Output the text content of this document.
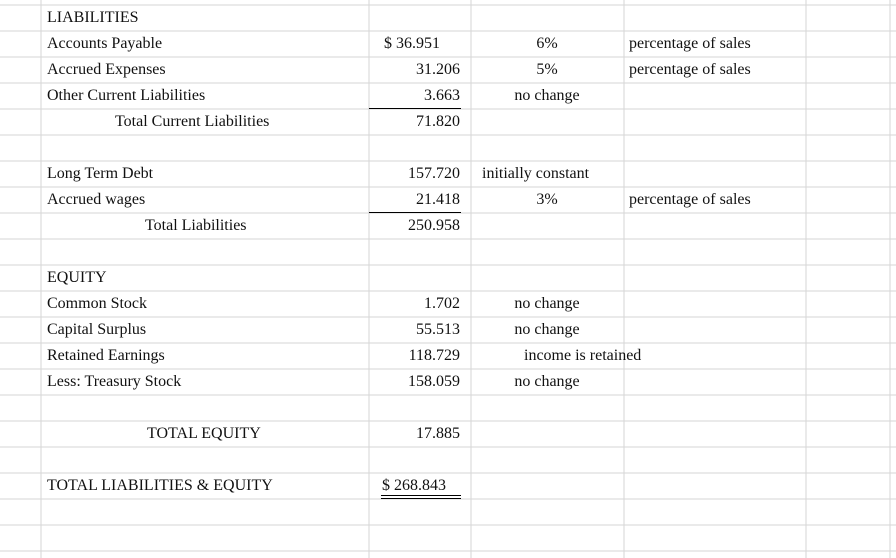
LIABILITIES
Accounts Payable	$ 36.951	6%	percentage of sales
Accrued Expenses	31.206	5%	percentage of sales
Other Current Liabilities	3.663	no change
Total Current Liabilities	71.820
Long Term Debt	157.720 initially constant
Accrued wages	21.418	3%	percentage of sales
Total Liabilities	250.958
EQUITY
Common Stock	1.702	no change
Capital Surplus	55.513	no change
Retained Earnings	118.729	income is retained
Less: Treasury Stock	158.059	no change
TOTAL EQUITY	17.885
TOTAL LIABILITIES & EQUITY	$ 268.843
